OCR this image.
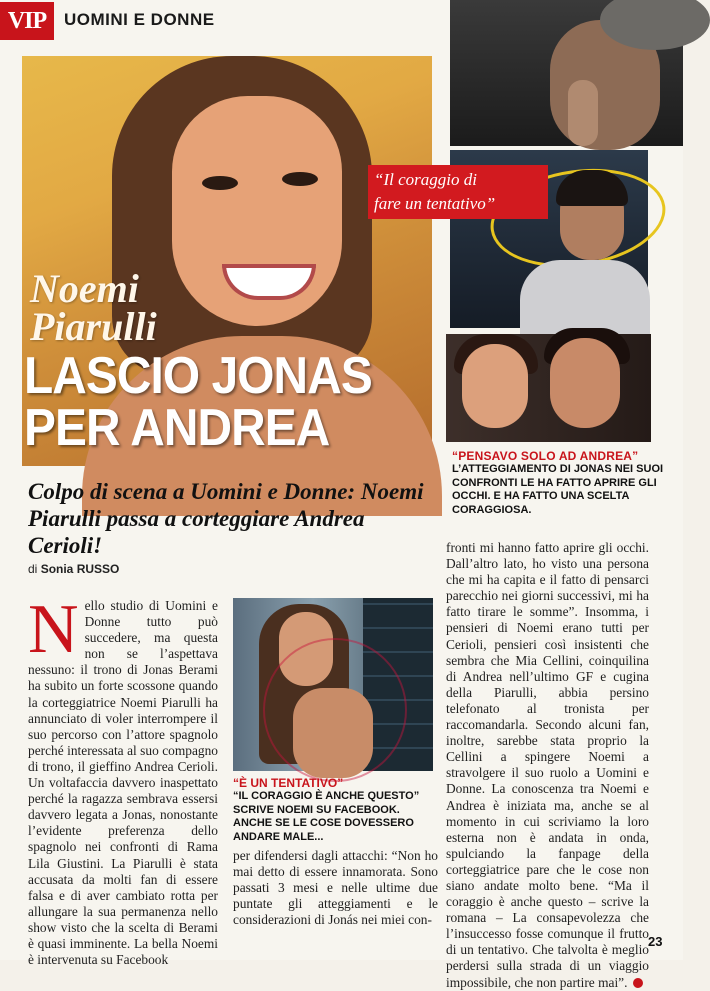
VIP	UOMINI E DONNE
Noemi
Piarulli
LASCIO JONAS
PER ANDREA
“Il coraggio di
fare un tentativo”
“PENSAVO SOLO AD ANDREA”
L’ATTEGGIAMENTO DI JONAS NEI SUOI CONFRONTI LE HA FATTO APRIRE GLI OCCHI. E HA FATTO UNA SCELTA CORAGGIOSA.
Colpo di scena a Uomini e Donne: Noemi Piarulli passa a corteggiare Andrea Cerioli!
di Sonia RUSSO
Nello studio di Uomini e Donne tutto può succedere, ma questa non se l’aspettava nessuno: il trono di Jonas Berami ha subito un forte scossone quando la corteggiatrice Noemi Piarulli ha annunciato di voler interrompere il suo percorso con l’attore spagnolo perché interessata al suo compagno di trono, il gieffino Andrea Cerioli. Un voltafaccia davvero inaspettato perché la ragazza sembrava essersi davvero legata a Jonas, nonostante l’evidente preferenza dello spagnolo nei confronti di Rama Lila Giustini. La Piarulli è stata accusata da molti fan di essere falsa e di aver cambiato rotta per allungare la sua permanenza nello show visto che la scelta di Berami è quasi imminente. La bella Noemi è intervenuta su Facebook
“È UN TENTATIVO”
“IL CORAGGIO È ANCHE QUESTO” SCRIVE NOEMI SU FACEBOOK. ANCHE SE LE COSE DOVESSERO ANDARE MALE...
per difendersi dagli attacchi: “Non ho mai detto di essere innamorata. Sono passati 3 mesi e nelle ultime due puntate gli atteggiamenti e le considerazioni di Jonás nei miei con-
fronti mi hanno fatto aprire gli occhi. Dall’altro lato, ho visto una persona che mi ha capita e il fatto di pensarci parecchio nei giorni successivi, mi ha fatto tirare le somme”. Insomma, i pensieri di Noemi erano tutti per Cerioli, pensieri così insistenti che sembra che Mia Cellini, coinquilina di Andrea nell’ultimo GF e cugina della Piarulli, abbia persino telefonato al tronista per raccomandarla. Secondo alcuni fan, inoltre, sarebbe stata proprio la Cellini a spingere Noemi a stravolgere il suo ruolo a Uomini e Donne. La conoscenza tra Noemi e Andrea è iniziata ma, anche se al momento in cui scriviamo la loro esterna non è andata in onda, spulciando la fanpage della corteggiatrice pare che le cose non siano andate molto bene. “Ma il coraggio è anche questo – scrive la romana – La consapevolezza che l’insuccesso fosse comunque il frutto di un tentativo. Che talvolta è meglio perdersi sulla strada di un viaggio impossibile, che non partire mai”.
23
